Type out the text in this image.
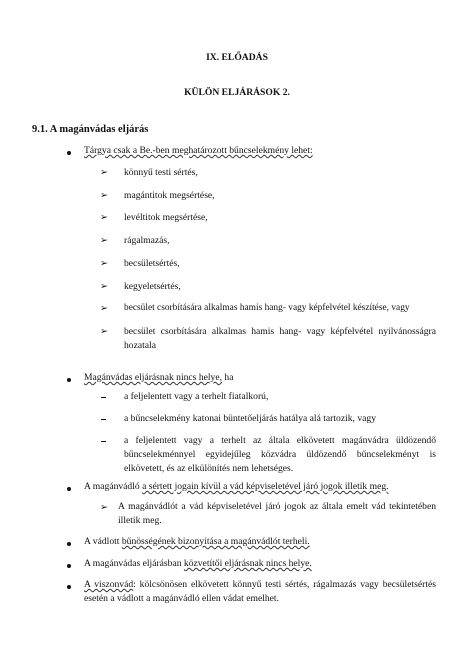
IX. ELŐADÁS
KÜLÖN ELJÁRÁSOK 2.
9.1. A magánvádas eljárás
Tárgya csak a Be.-ben meghatározott bűncselekmény lehet:
➢ könnyű testi sértés,
➢ magántitok megsértése,
➢ levéltitok megsértése,
➢ rágalmazás,
➢ becsületsértés,
➢ kegyeletsértés,
➢ becsület csorbítására alkalmas hamis hang- vagy képfelvétel készítése, vagy
➢ becsület csorbítására alkalmas hamis hang- vagy képfelvétel nyilvánosságra hozatala
Magánvádas eljárásnak nincs helye, ha
a feljelentett vagy a terhelt fiatalkorú,
a bűncselekmény katonai büntetőeljárás hatálya alá tartozik, vagy
a feljelentett vagy a terhelt az általa elkövetett magánvádra üldözendő bűncselekménnyel egyidejűleg közvádra üldözendő bűncselekményt is elkövetett, és az elkülönítés nem lehetséges.
A magánvádló a sértett jogain kívül a vád képviseletével járó jogok illetik meg.
➢ A magánvádlót a vád képviseletével járó jogok az általa emelt vád tekintetében illetik meg.
A vádlott bűnösségének bizonyítása a magánvádlót terheli.
A magánvádas eljárásban közvetítői eljárásnak nincs helye.
A viszonvád: kölcsönösen elkövetett könnyű testi sértés, rágalmazás vagy becsületsértés esetén a vádlott a magánvádló ellen vádat emelhet.
